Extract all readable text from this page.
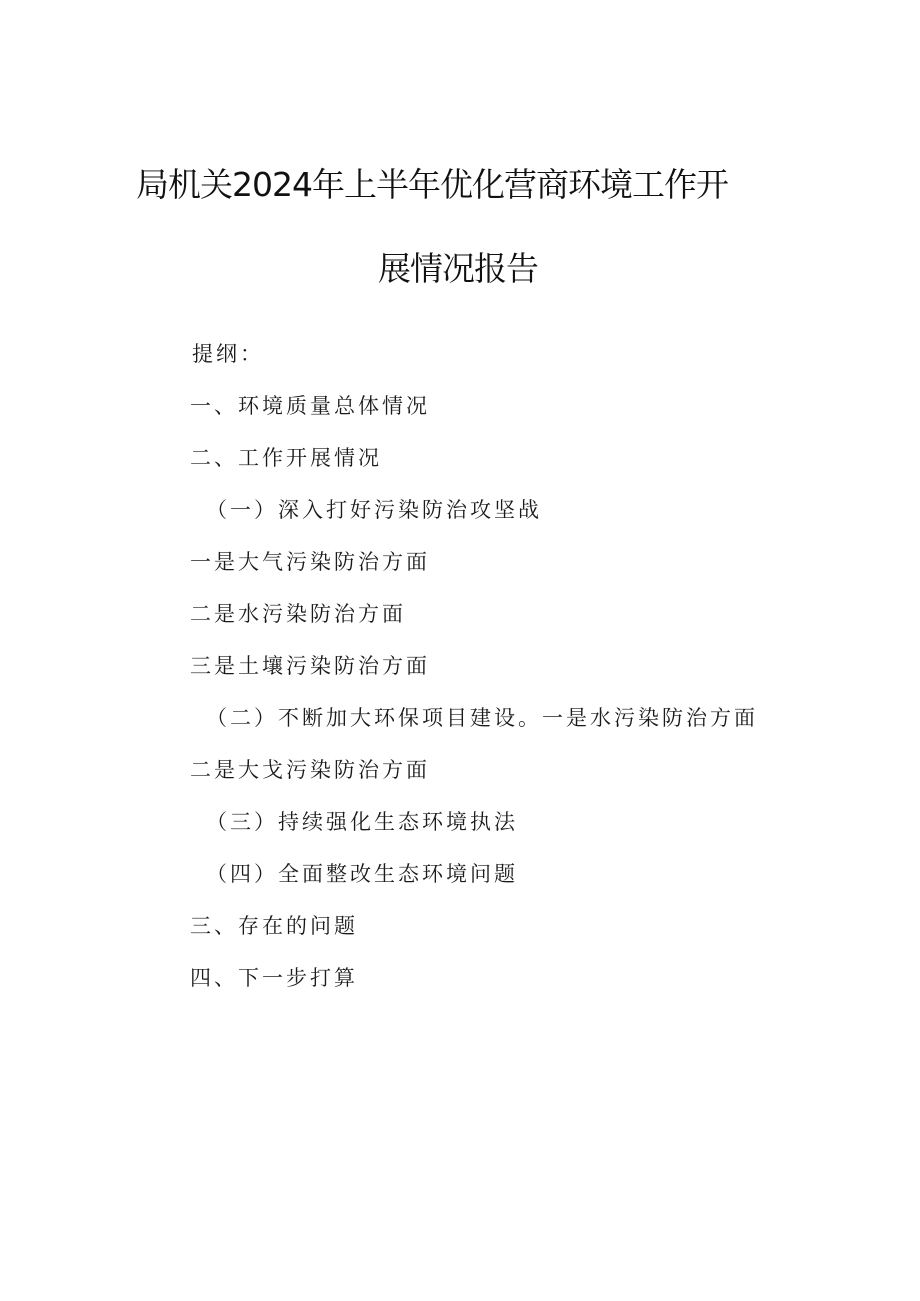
局机关2024年上半年优化营商环境工作开
展情况报告
提纲：
一、环境质量总体情况
二、工作开展情况
（一）深入打好污染防治攻坚战
一是大气污染防治方面
二是水污染防治方面
三是土壤污染防治方面
（二）不断加大环保项目建设。一是水污染防治方面
二是大戈污染防治方面
（三）持续强化生态环境执法
（四）全面整改生态环境问题
三、存在的问题
四、下一步打算
